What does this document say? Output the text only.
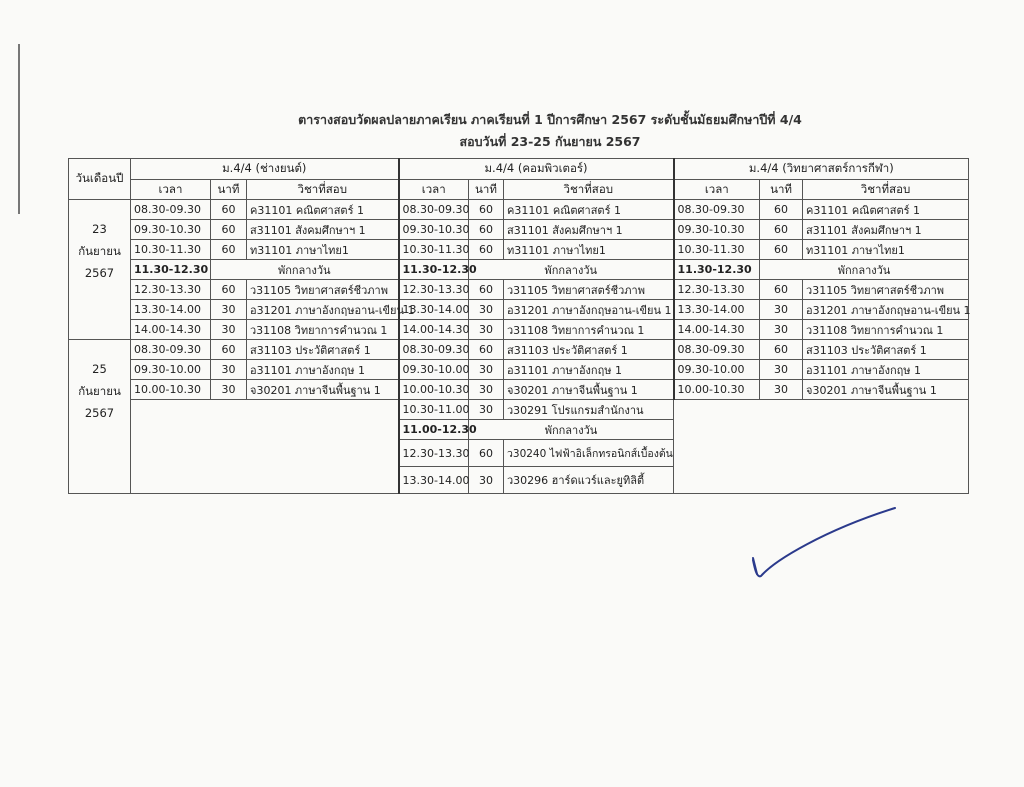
ตารางสอบวัดผลปลายภาคเรียน ภาคเรียนที่ 1 ปีการศึกษา 2567 ระดับชั้นมัธยมศึกษาปีที่ 4/4
สอบวันที่ 23-25 กันยายน 2567
วันเดือนปี	ม.4/4 (ช่างยนต์)			ม.4/4 (คอมพิวเตอร์)			ม.4/4 (วิทยาศาสตร์การกีฬา)		
	เวลา	นาที	วิชาที่สอบ	เวลา	นาที	วิชาที่สอบ	เวลา	นาที	วิชาที่สอบ

23
กันยายน
2567	08.30-09.30	60	ค31101 คณิตศาสตร์ 1	08.30-09.30	60	ค31101 คณิตศาสตร์ 1	08.30-09.30	60	ค31101 คณิตศาสตร์ 1
	09.30-10.30	60	ส31101 สังคมศึกษาฯ 1	09.30-10.30	60	ส31101 สังคมศึกษาฯ 1	09.30-10.30	60	ส31101 สังคมศึกษาฯ 1
	10.30-11.30	60	ท31101 ภาษาไทย1	10.30-11.30	60	ท31101 ภาษาไทย1	10.30-11.30	60	ท31101 ภาษาไทย1
	11.30-12.30	พักกลางวัน		11.30-12.30	พักกลางวัน		11.30-12.30	พักกลางวัน	
	12.30-13.30	60	ว31105 วิทยาศาสตร์ชีวภาพ	12.30-13.30	60	ว31105 วิทยาศาสตร์ชีวภาพ	12.30-13.30	60	ว31105 วิทยาศาสตร์ชีวภาพ
	13.30-14.00	30	อ31201 ภาษาอังกฤษอาน-เขียน 1	13.30-14.00	30	อ31201 ภาษาอังกฤษอาน-เขียน 1	13.30-14.00	30	อ31201 ภาษาอังกฤษอาน-เขียน 1
	14.00-14.30	30	ว31108 วิทยาการคำนวณ 1	14.00-14.30	30	ว31108 วิทยาการคำนวณ 1	14.00-14.30	30	ว31108 วิทยาการคำนวณ 1

25
กันยายน
2567	08.30-09.30	60	ส31103 ประวัติศาสตร์ 1	08.30-09.30	60	ส31103 ประวัติศาสตร์ 1	08.30-09.30	60	ส31103 ประวัติศาสตร์ 1
	09.30-10.00	30	อ31101 ภาษาอังกฤษ 1	09.30-10.00	30	อ31101 ภาษาอังกฤษ 1	09.30-10.00	30	อ31101 ภาษาอังกฤษ 1
	10.00-10.30	30	จ30201 ภาษาจีนพื้นฐาน 1	10.00-10.30	30	จ30201 ภาษาจีนพื้นฐาน 1	10.00-10.30	30	จ30201 ภาษาจีนพื้นฐาน 1
				10.30-11.00	30	ว30291 โปรแกรมสำนักงาน			
				11.00-12.30	พักกลางวัน				
				12.30-13.30	60	ว30240 ไฟฟ้าอิเล็กทรอนิกส์เบื้องต้น			
				13.30-14.00	30	ว30296 ฮาร์ดแวร์และยูทิลิตี้			
